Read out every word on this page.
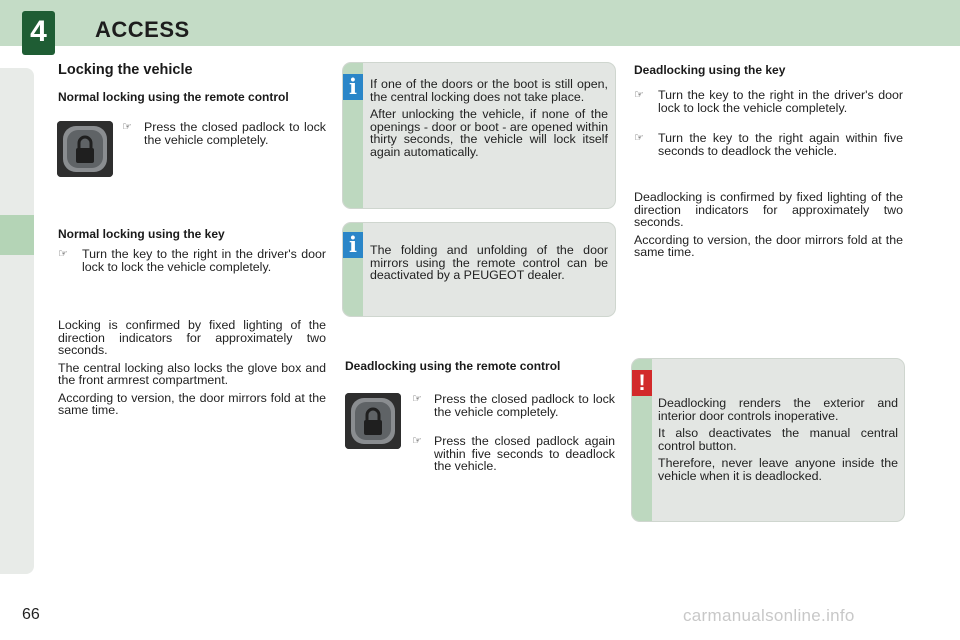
4	ACCESS
Locking the vehicle
Normal locking using the remote control
☞ Press the closed padlock to lock the vehicle completely.
Normal locking using the key
☞	Turn the key to the right in the driver's door lock to lock the vehicle completely.

Locking is confirmed by fixed lighting of the direction indicators for approximately two seconds.

The central locking also locks the glove box and the front armrest compartment.

According to version, the door mirrors fold at the same time.

If one of the doors or the boot is still open, the central locking does not take place.

After unlocking the vehicle, if none of the openings - door or boot - are opened within thirty seconds, the vehicle will lock itself again automatically.

i

The folding and unfolding of the door mirrors using the remote control can be deactivated by a PEUGEOT dealer.

i
Deadlocking using the remote control
☞ Press the closed padlock to lock the vehicle completely.
☞ Press the closed padlock again within five seconds to deadlock the vehicle.
Deadlocking using the key
☞	Turn the key to the right in the driver's door lock to lock the vehicle completely.
☞	Turn the key to the right again within five seconds to deadlock the vehicle.

Deadlocking is confirmed by fixed lighting of the direction indicators for approximately two seconds.

According to version, the door mirrors fold at the same time.

Deadlocking renders the exterior and interior door controls inoperative.

It also deactivates the manual central control button.

Therefore, never leave anyone inside the vehicle when it is deadlocked.

!
66	carmanualsonline.info
